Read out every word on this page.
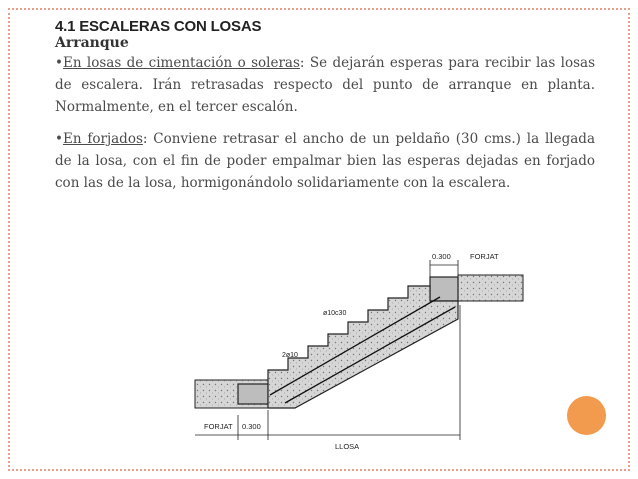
4.1 ESCALERAS CON LOSAS
Arranque

•En losas de cimentación o soleras: Se dejarán esperas para recibir las losas de escalera. Irán retrasadas respecto del punto de arranque en planta. Normalmente, en el tercer escalón.

•En forjados: Conviene retrasar el ancho de un peldaño (30 cms.) la llegada de la losa, con el fin de poder empalmar bien las esperas dejadas en forjado con las de la losa, hormigonándolo solidariamente con la escalera.

0.300	FORJAT
ø10c30
2ø10
FORJAT 0.300
LLOSA
